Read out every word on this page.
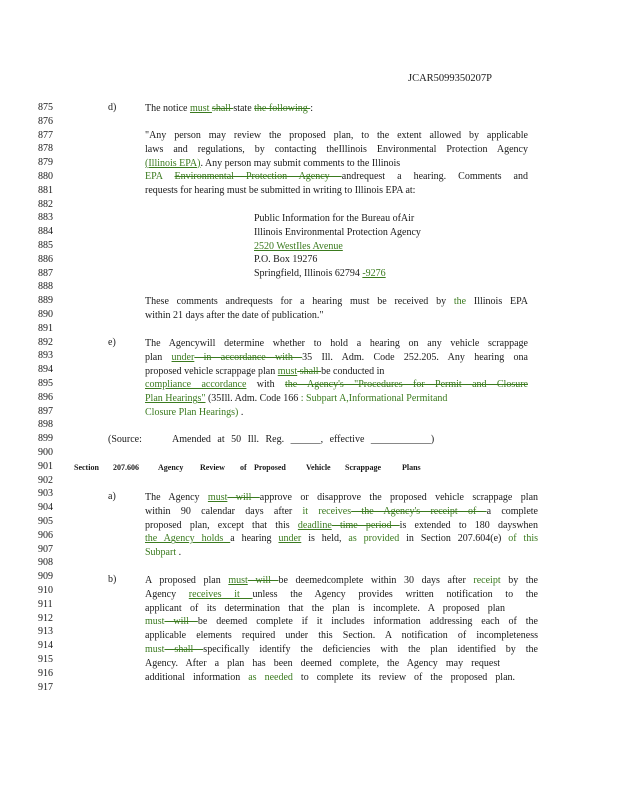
JCAR5099350207P
875
876
877
878
879
880
881
882
883
884
885
886
887
888
889
890
891
892
893
894
895
896
897
898
899
900
901
902
903
904
905
906
907
908
909
910
911
912
913
914
915
916
917
d)	The notice must shall state the following :
"Any person may review the proposed plan, to the extent allowed by applicable
laws and regulations, by contacting theIllinois Environmental Protection Agency
(Illinois EPA). Any person may submit comments to the Illinois
EPA Environmental Protection Agency andrequest a hearing. Comments and
requests for hearing must be submitted in writing to Illinois EPA at:
Public Information for the Bureau ofAir
Illinois Environmental Protection Agency
2520 WestIles Avenue
P.O. Box 19276
Springfield, Illinois 62794 -9276
These comments andrequests for a hearing must be received by the Illinois EPA
within 21 days after the date of publication."
e)	The Agencywill determine whether to hold a hearing on any vehicle scrappage
plan under in accordance with 35 Ill. Adm. Code 252.205. Any hearing ona
proposed vehicle scrappage plan must shall be conducted in
compliance accordance with the Agency's "Procedures for Permit and Closure
Plan Hearings" (35Ill. Adm. Code 166 : Subpart A,Informational Permitand
Closure Plan Hearings) .
(Source:	Amended at 50 Ill. Reg. ______, effective ____________)
Section 207.606 Agency Review of Proposed	Vehicle Scrappage	Plans
a)	The Agency must will approve or disapprove the proposed vehicle scrappage plan
within 90 calendar days after it receives the Agency's receipt of a complete
proposed plan, except that this deadline time period is extended to 180 dayswhen
the Agency holds a hearing under is held, as provided in Section 207.604(e) of this
Subpart .
b)	A proposed plan must will be deemedcomplete within 30 days after receipt by the
Agency receives it unless the Agency provides written notification to the
applicant of its determination that the plan is incomplete. A proposed plan
must will be deemed complete if it includes information addressing each of the
applicable elements required under this Section. A notification of incompleteness
must shall specifically identify the deficiencies with the plan identified by the
Agency. After a plan has been deemed complete, the Agency may request
additional information as needed to complete its review of the proposed plan.
